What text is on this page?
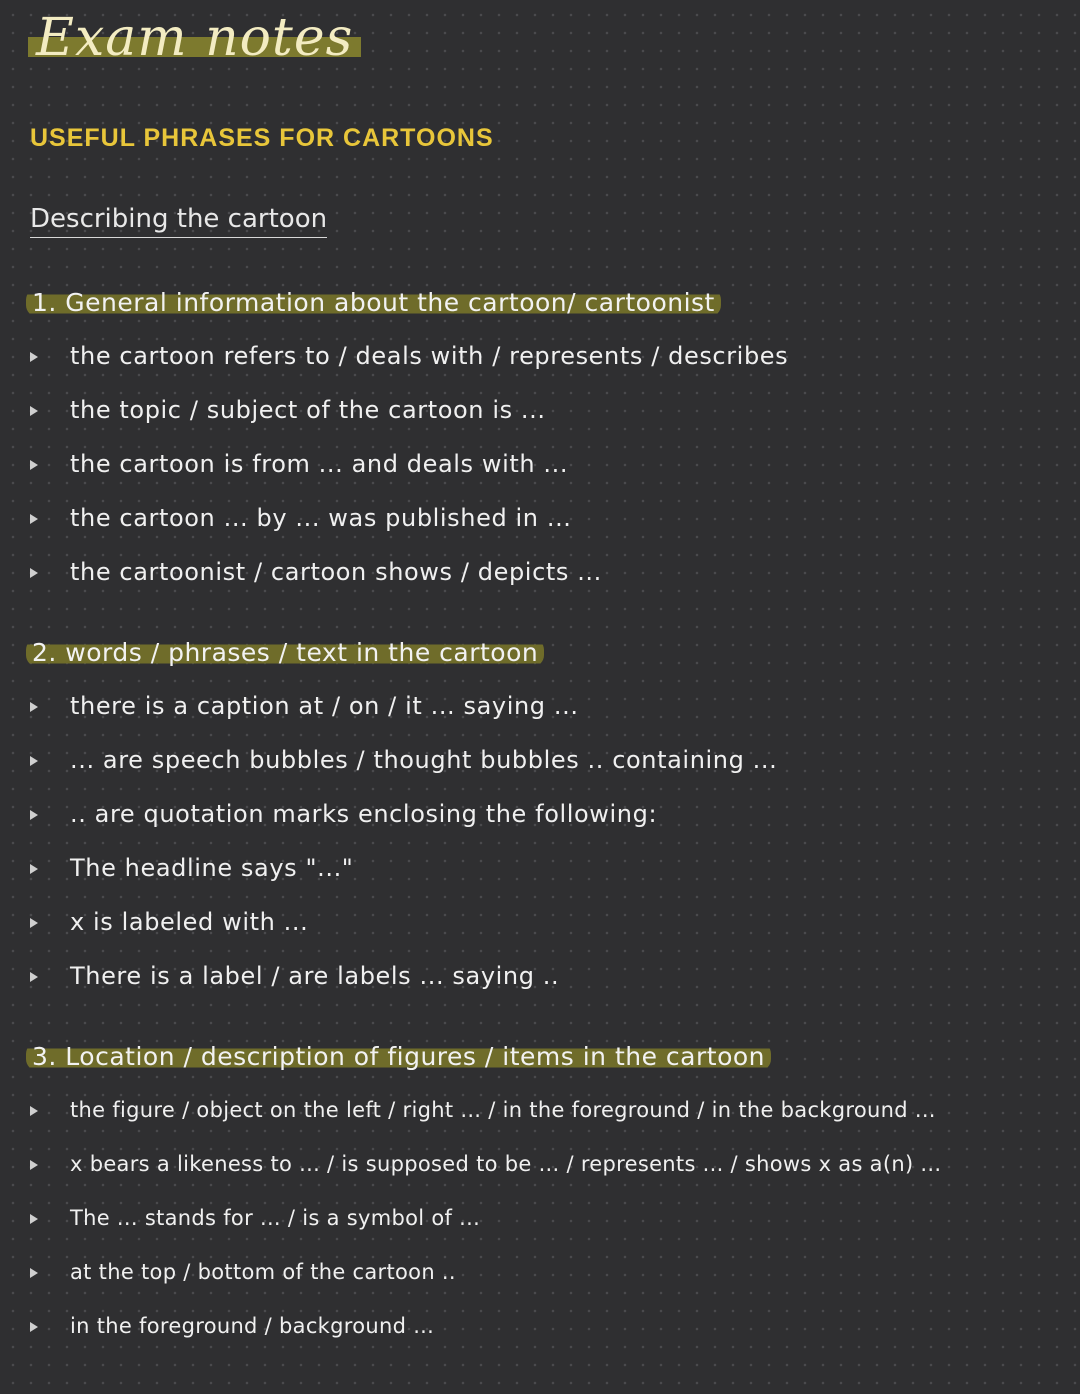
Exam notes
USEFUL PHRASES FOR CARTOONS
Describing the cartoon
1. General information about the cartoon/ cartoonist
the cartoon refers to / deals with / represents / describes
the topic / subject of the cartoon is ...
the cartoon is from ... and deals with ...
the cartoon ... by ... was published in ...
the cartoonist / cartoon shows / depicts ...
2. words / phrases / text in the cartoon
there is a caption at / on / it ... saying ...
... are speech bubbles / thought bubbles .. containing ...
.. are quotation marks enclosing the following:
The headline says "..."
x is labeled with ...
There is a label / are labels ... saying ..
3. Location / description of figures / items in the cartoon
the figure / object on the left / right ... / in the foreground / in the background ...
x bears a likeness to ... / is supposed to be ... / represents ... / shows x as a(n) ...
The ... stands for ... / is a symbol of ...
at the top / bottom of the cartoon ..
in the foreground / background ...
